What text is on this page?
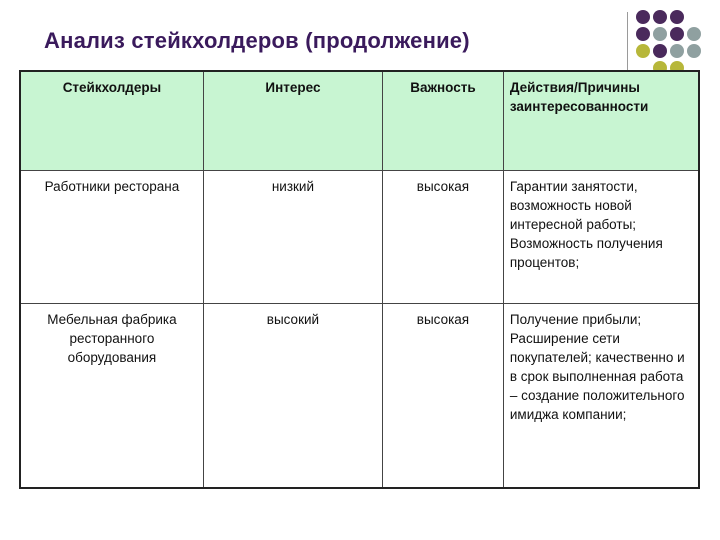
Анализ стейкхолдеров (продолжение)
Стейкхолдеры	Интерес	Важность	Действия/Причины заинтересованности
Работники ресторана	низкий	высокая	Гарантии занятости, возможность новой интересной работы; Возможность получения процентов;
Мебельная фабрика ресторанного оборудования	высокий	высокая	Получение прибыли; Расширение сети покупателей; качественно и в срок выполненная работа – создание положительного имиджа компании;
